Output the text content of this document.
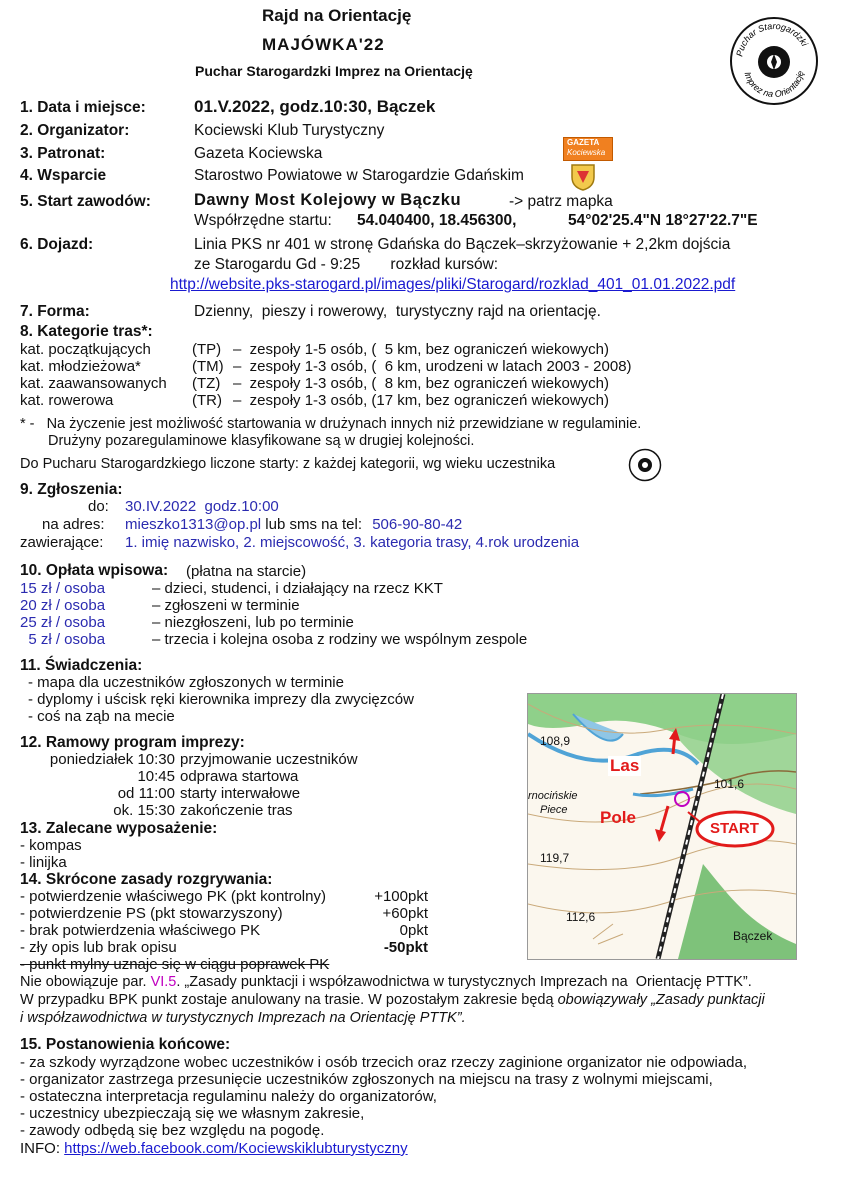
Rajd na Orientację
MAJÓWKA'22
Puchar Starogardzki Imprez na Orientację
Puchar Starogardzki
Imprez na Orientację
1. Data i miejsce:	01.V.2022, godz.10:30, Bączek
2. Organizator:	Kociewski Klub Turystyczny
3. Patronat:	Gazeta Kociewska
GAZETA
Kociewska
4. Wsparcie	Starostwo Powiatowe w Starogardzie Gdańskim
5. Start zawodów:	Dawny Most Kolejowy w Bączku	-> patrz mapka
Współrzędne startu: 54.040400, 18.456300,	54°02'25.4"N 18°27'22.7"E
6. Dojazd:	Linia PKS nr 401 w stronę Gdańska do Bączek–skrzyżowanie + 2,2km dojścia
ze Starogardu Gd - 9:25       rozkład kursów:
http://website.pks-starogard.pl/images/pliki/Starogard/rozklad_401_01.01.2022.pdf
7. Forma:	Dzienny,  pieszy i rowerowy,  turystyczny rajd na orientację.
8. Kategorie tras*:
kat. początkujących	(TP) –  zespoły 1-5 osób, (  5 km, bez ograniczeń wiekowych)
kat. młodzieżowa*	(TM) –  zespoły 1-3 osób, (  6 km, urodzeni w latach 2003 - 2008)
kat. zaawansowanych (TZ) –  zespoły 1-3 osób, (  8 km, bez ograniczeń wiekowych)
kat. rowerowa	(TR) –  zespoły 1-3 osób, (17 km, bez ograniczeń wiekowych)
* -   Na życzenie jest możliwość startowania w drużynach innych niż przewidziane w regulaminie.
Drużyny pozaregulaminowe klasyfikowane są w drugiej kolejności.
Do Pucharu Starogardzkiego liczone starty: z każdej kategorii, wg wieku uczestnika
9. Zgłoszenia:
do: 30.IV.2022  godz.10:00
na adres: mieszko1313@op.pl lub sms na tel: 506-90-80-42
zawierające: 1. imię nazwisko, 2. miejscowość, 3. kategoria trasy, 4.rok urodzenia
10. Opłata wpisowa: (płatna na starcie)
15 zł / osoba	– dzieci, studenci, i działający na rzecz KKT
20 zł / osoba	– zgłoszeni w terminie
25 zł / osoba	– niezgłoszeni, lub po terminie
5 zł / osoba	– trzecia i kolejna osoba z rodziny we wspólnym zespole
11. Świadczenia:
- mapa dla uczestników zgłoszonych w terminie
- dyplomy i uścisk ręki kierownika imprezy dla zwycięzców
- coś na ząb na mecie
12. Ramowy program imprezy:
poniedziałek 10:30 przyjmowanie uczestników
10:45 odprawa startowa
od 11:00 starty interwałowe
ok. 15:30 zakończenie tras
13. Zalecane wyposażenie:
- kompas
- linijka
14. Skrócone zasady rozgrywania:
- potwierdzenie właściwego PK (pkt kontrolny)	+100pkt
- potwierdzenie PS (pkt stowarzyszony)	+60pkt
- brak potwierdzenia właściwego PK	0pkt
- zły opis lub brak opisu	-50pkt
- punkt mylny uznaje się w ciągu poprawek PK
Nie obowiązuje par. VI.5. „Zasady punktacji i współzawodnictwa w turystycznych Imprezach na  Orientację PTTK”.
W przypadku BPK punkt zostaje anulowany na trasie. W pozostałym zakresie będą obowiązywały „Zasady punktacji
i współzawodnictwa w turystycznych Imprezach na Orientację PTTK”.
15. Postanowienia końcowe:
- za szkody wyrządzone wobec uczestników i osób trzecich oraz rzeczy zaginione organizator nie odpowiada,
- organizator zastrzega przesunięcie uczestników zgłoszonych na miejscu na trasy z wolnymi miejscami,
- ostateczna interpretacja regulaminu należy do organizatorów,
- uczestnicy ubezpieczają się we własnym zakresie,
- zawody odbędą się bez względu na pogodę.
INFO: https://web.facebook.com/Kociewskiklubturystyczny
108,9
101,6
119,7
112,6
Bączek
rnocińskie
Piece
Las
Pole
START
